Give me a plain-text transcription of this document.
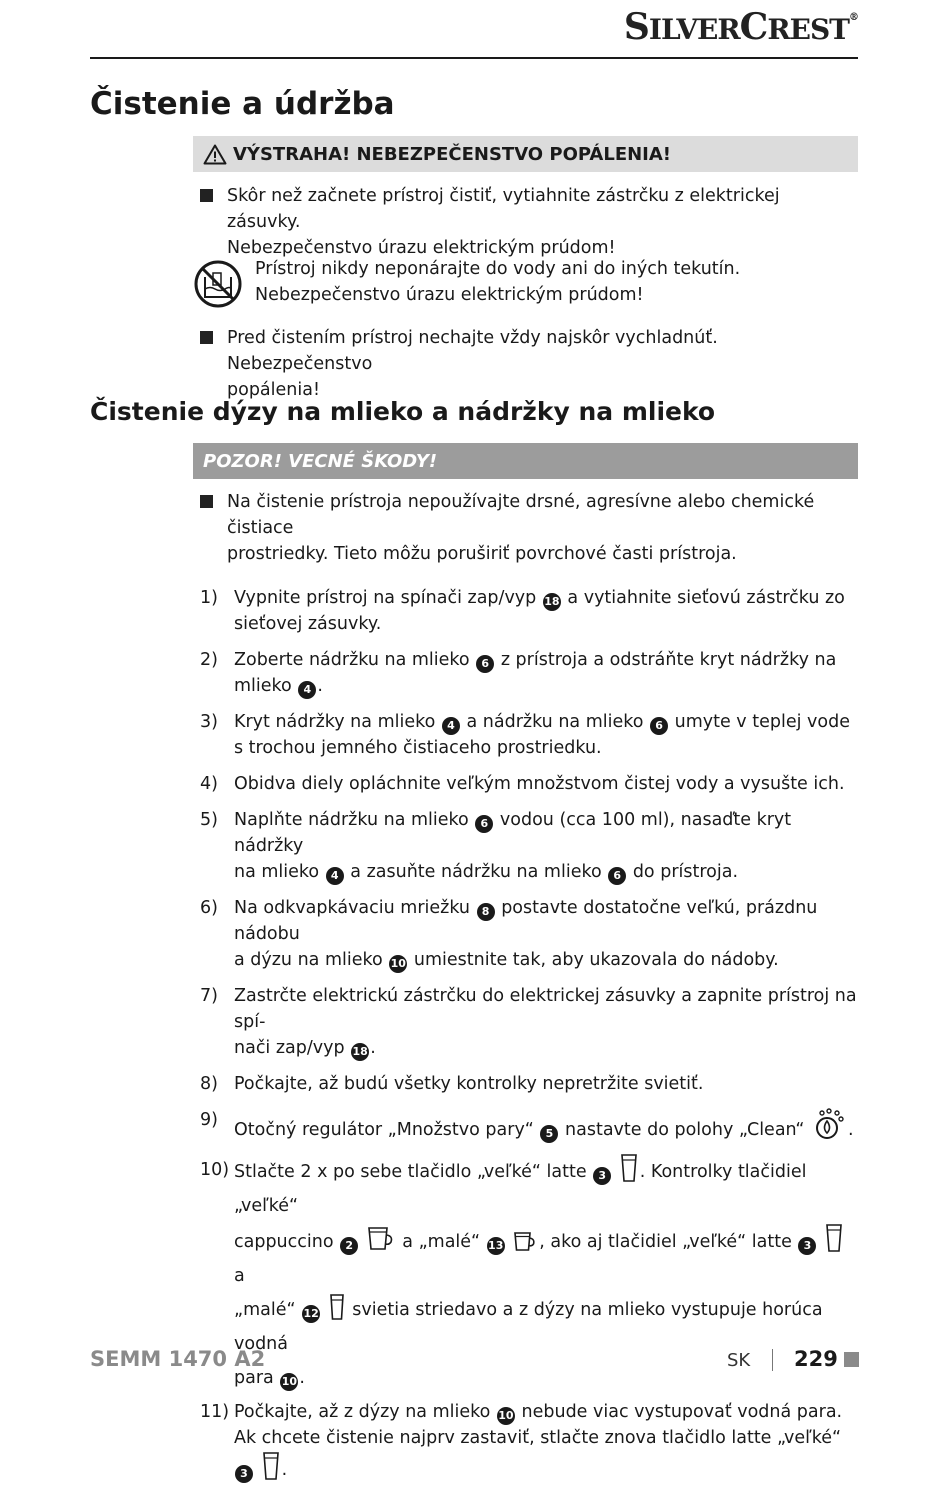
SILVERCREST®
Čistenie a údržba
VÝSTRAHA! NEBEZPEČENSTVO POPÁLENIA!
Skôr než začnete prístroj čistiť, vytiahnite zástrčku z elektrickej zásuvky.
Nebezpečenstvo úrazu elektrickým prúdom!
Prístroj nikdy neponárajte do vody ani do iných tekutín.
Nebezpečenstvo úrazu elektrickým prúdom!
Pred čistením prístroj nechajte vždy najskôr vychladnúť. Nebezpečenstvo
popálenia!
Čistenie dýzy na mlieko a nádržky na mlieko
POZOR! VECNÉ ŠKODY!
Na čistenie prístroja nepoužívajte drsné, agresívne alebo chemické čistiace
prostriedky. Tieto môžu poruširiť povrchové časti prístroja.
1) Vypnite prístroj na spínači zap/vyp 18 a vytiahnite sieťovú zástrčku zo
sieťovej zásuvky.
2) Zoberte nádržku na mlieko 6 z prístroja a odstráňte kryt nádržky na
mlieko 4 .
3) Kryt nádržky na mlieko 4 a nádržku na mlieko 6 umyte v teplej vode
s trochou jemného čistiaceho prostriedku.
4) Obidva diely opláchnite veľkým množstvom čistej vody a vysušte ich.
5) Naplňte nádržku na mlieko 6 vodou (cca 100 ml), nasaďte kryt nádržky
na mlieko 4 a zasuňte nádržku na mlieko 6 do prístroja.
6) Na odkvapkávaciu mriežku 8 postavte dostatočne veľkú, prázdnu nádobu
a dýzu na mlieko 10 umiestnite tak, aby ukazovala do nádoby.
7) Zastrčte elektrickú zástrčku do elektrickej zásuvky a zapnite prístroj na spí-
nači zap/vyp 18 .
8) Počkajte, až budú všetky kontrolky nepretržite svietiť.
9) Otočný regulátor „Množstvo pary“ 5 nastavte do polohy „Clean“ .
10) Stlačte 2 x po sebe tlačidlo „veľké“ latte 3 . Kontrolky tlačidiel „veľké“
cappuccino 2	a „malé“ 13 , ako aj tlačidiel „veľké“ latte 3  a
„malé“ 12 svietia striedavo a z dýzy na mlieko vystupuje horúca vodná
para 10 .
11) Počkajte, až z dýzy na mlieko 10 nebude viac vystupovať vodná para.
Ak chcete čistenie najprv zastaviť, stlačte znova tlačidlo latte „veľké“ 3 .
SEMM 1470 A2	SK 229
